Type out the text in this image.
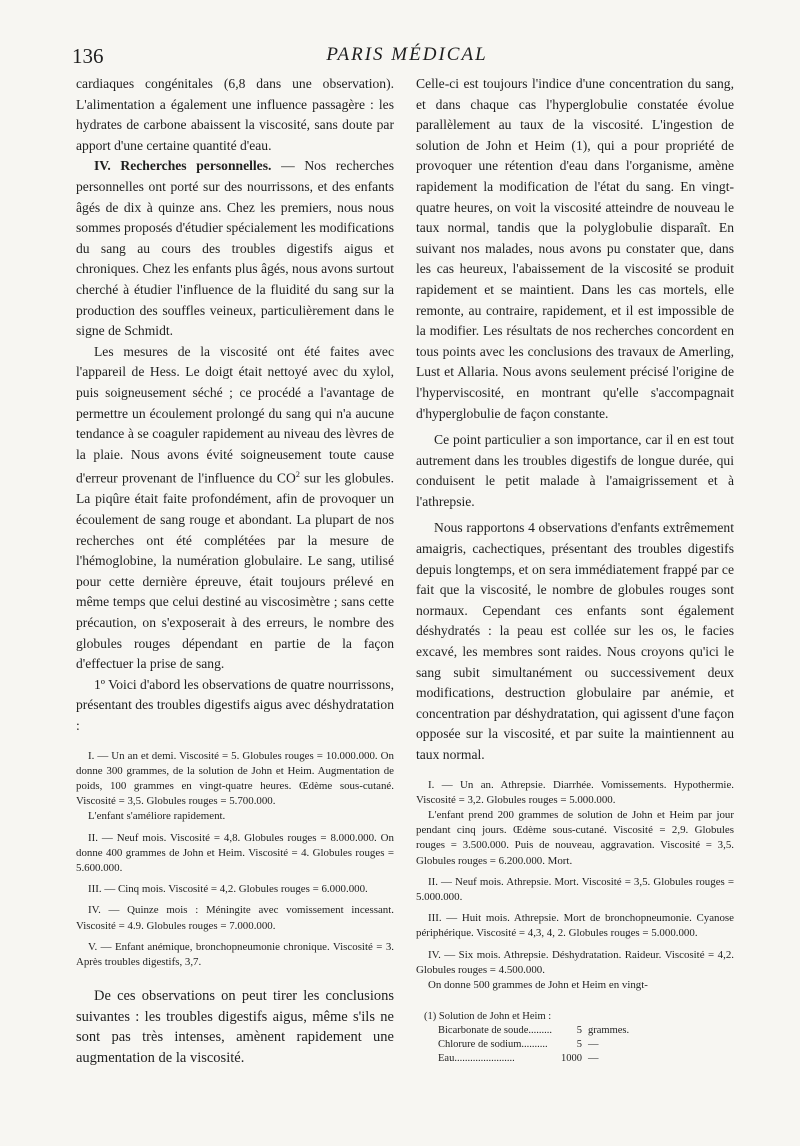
136	PARIS MÉDICAL

cardiaques congénitales (6,8 dans une observation). L'alimentation a également une influence passagère : les hydrates de carbone abaissent la viscosité, sans doute par apport d'une certaine quantité d'eau.

IV. Recherches personnelles. — Nos recherches personnelles ont porté sur des nourrissons, et des enfants âgés de dix à quinze ans. Chez les premiers, nous nous sommes proposés d'étudier spécialement les modifications du sang au cours des troubles digestifs aigus et chroniques. Chez les enfants plus âgés, nous avons surtout cherché à étudier l'influence de la fluidité du sang sur la production des souffles veineux, particulièrement dans le signe de Schmidt.

Les mesures de la viscosité ont été faites avec l'appareil de Hess. Le doigt était nettoyé avec du xylol, puis soigneusement séché ; ce procédé a l'avantage de permettre un écoulement prolongé du sang qui n'a aucune tendance à se coaguler rapidement au niveau des lèvres de la plaie. Nous avons évité soigneusement toute cause d'erreur provenant de l'influence du $CO^2$ sur les globules. La piqûre était faite profondément, afin de provoquer un écoulement de sang rouge et abondant. La plupart de nos recherches ont été complétées par la mesure de l'hémoglobine, la numération globulaire. Le sang, utilisé pour cette dernière épreuve, était toujours prélevé en même temps que celui destiné au viscosimètre ; sans cette précaution, on s'exposerait à des erreurs, le nombre des globules rouges dépendant en partie de la façon d'effectuer la prise de sang.

1º Voici d'abord les observations de quatre nourrissons, présentant des troubles digestifs aigus avec déshydratation :

I. — Un an et demi. Viscosité = 5. Globules rouges = 10.000.000. On donne 300 grammes, de la solution de John et Heim. Augmentation de poids, 100 grammes en vingt-quatre heures. Œdème sous-cutané. Viscosité = 3,5. Globules rouges = 5.700.000.

L'enfant s'améliore rapidement.

II. — Neuf mois. Viscosité = 4,8. Globules rouges = 8.000.000. On donne 400 grammes de John et Heim. Viscosité = 4. Globules rouges = 5.600.000.

III. — Cinq mois. Viscosité = 4,2. Globules rouges = 6.000.000.

IV. — Quinze mois : Méningite avec vomissement incessant. Viscosité = 4.9. Globules rouges = 7.000.000.

V. — Enfant anémique, bronchopneumonie chronique. Viscosité = 3. Après troubles digestifs, 3,7.

De ces observations on peut tirer les conclusions suivantes : les troubles digestifs aigus, même s'ils ne sont pas très intenses, amènent rapidement une augmentation de la viscosité.

Celle-ci est toujours l'indice d'une concentration du sang, et dans chaque cas l'hyperglobulie constatée évolue parallèlement au taux de la viscosité. L'ingestion de solution de John et Heim (1), qui a pour propriété de provoquer une rétention d'eau dans l'organisme, amène rapidement la modification de l'état du sang. En vingt-quatre heures, on voit la viscosité atteindre de nouveau le taux normal, tandis que la polyglobulie disparaît. En suivant nos malades, nous avons pu constater que, dans les cas heureux, l'abaissement de la viscosité se produit rapidement et se maintient. Dans les cas mortels, elle remonte, au contraire, rapidement, et il est impossible de la modifier. Les résultats de nos recherches concordent en tous points avec les conclusions des travaux de Amerling, Lust et Allaria. Nous avons seulement précisé l'origine de l'hyperviscosité, en montrant qu'elle s'accompagnait d'hyperglobulie de façon constante.

Ce point particulier a son importance, car il en est tout autrement dans les troubles digestifs de longue durée, qui conduisent le petit malade à l'amaigrissement et à l'athrepsie.

Nous rapportons 4 observations d'enfants extrêmement amaigris, cachectiques, présentant des troubles digestifs depuis longtemps, et on sera immédiatement frappé par ce fait que la viscosité, le nombre de globules rouges sont normaux. Cependant ces enfants sont également déshydratés : la peau est collée sur les os, le facies excavé, les membres sont raides. Nous croyons qu'ici le sang subit simultanément ou successivement deux modifications, destruction globulaire par anémie, et concentration par déshydratation, qui agissent d'une façon opposée sur la viscosité, et par suite la maintiennent au taux normal.

I. — Un an. Athrepsie. Diarrhée. Vomissements. Hypothermie. Viscosité = 3,2. Globules rouges = 5.000.000.

L'enfant prend 200 grammes de solution de John et Heim par jour pendant cinq jours. Œdème sous-cutané. Viscosité = 2,9. Globules rouges = 3.500.000. Puis de nouveau, aggravation. Viscosité = 3,5. Globules rouges = 6.200.000. Mort.

II. — Neuf mois. Athrepsie. Mort. Viscosité = 3,5. Globules rouges = 5.000.000.

III. — Huit mois. Athrepsie. Mort de bronchopneumonie. Cyanose périphérique. Viscosité = 4,3, 4, 2. Globules rouges = 5.000.000.

IV. — Six mois. Athrepsie. Déshydratation. Raideur. Viscosité = 4,2. Globules rouges = 4.500.000.

On donne 500 grammes de John et Heim en vingt-

(1) Solution de John et Heim :
Bicarbonate de soude.........	5	grammes.
Chlorure de sodium..........	5	—
Eau.......................	1000	—
